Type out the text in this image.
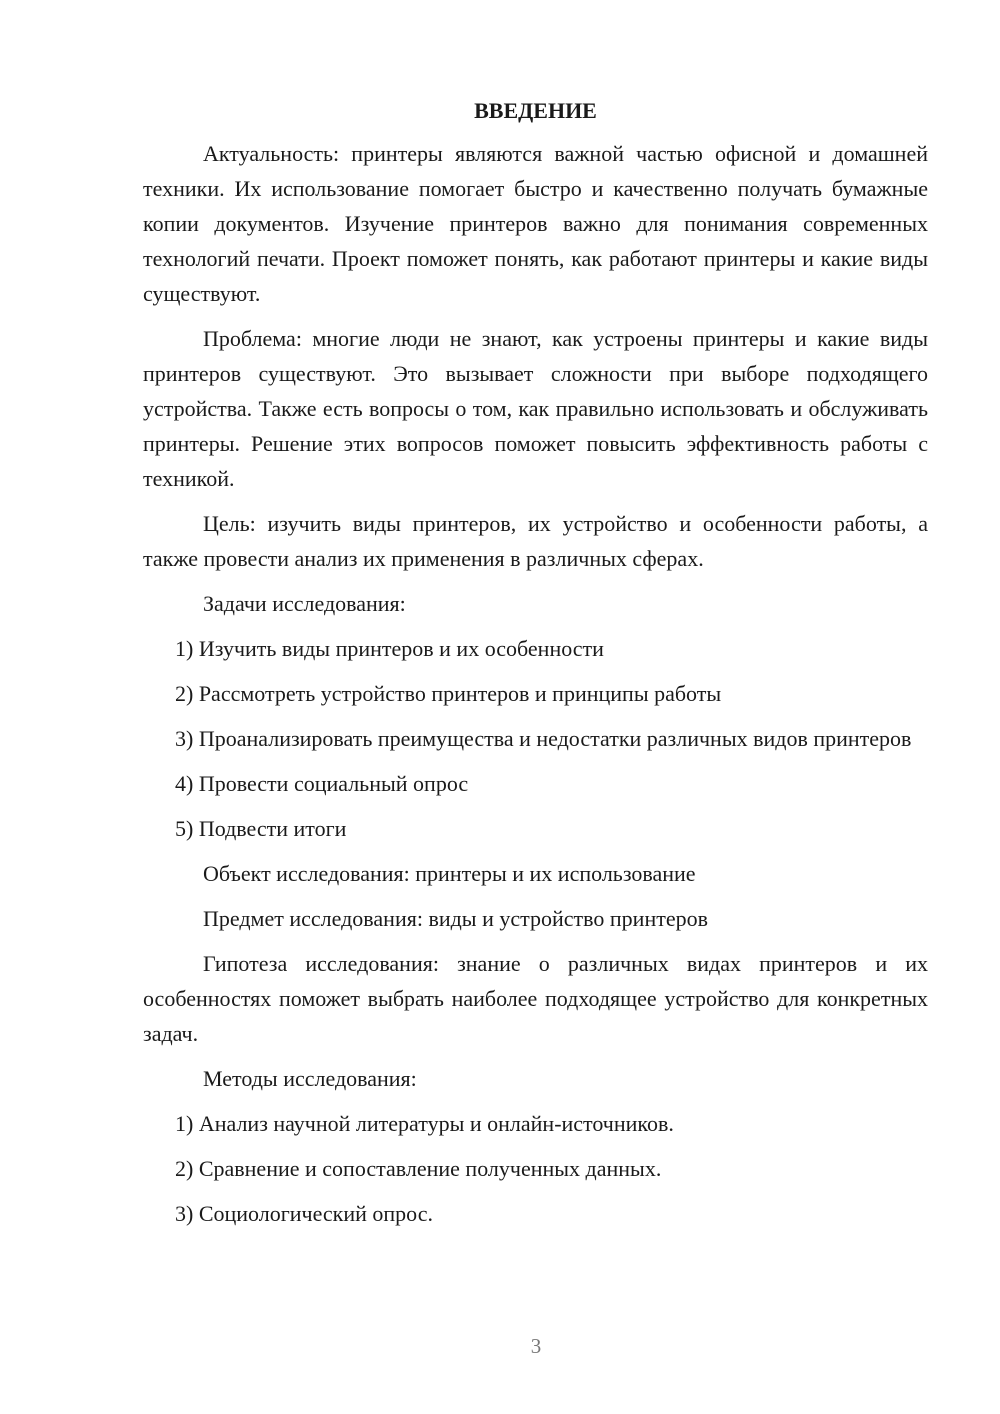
ВВЕДЕНИЕ

Актуальность: принтеры являются важной частью офисной и домашней техники. Их использование помогает быстро и качественно получать бумажные копии документов. Изучение принтеров важно для понимания современных технологий печати. Проект поможет понять, как работают принтеры и какие виды существуют.

Проблема: многие люди не знают, как устроены принтеры и какие виды принтеров существуют. Это вызывает сложности при выборе подходящего устройства. Также есть вопросы о том, как правильно использовать и обслуживать принтеры. Решение этих вопросов поможет повысить эффективность работы с техникой.

Цель: изучить виды принтеров, их устройство и особенности работы, а также провести анализ их применения в различных сферах.

Задачи исследования:

1) Изучить виды принтеров и их особенности

2) Рассмотреть устройство принтеров и принципы работы

3) Проанализировать преимущества и недостатки различных видов принтеров

4) Провести социальный опрос

5) Подвести итоги

Объект исследования: принтеры и их использование

Предмет исследования: виды и устройство принтеров

Гипотеза исследования: знание о различных видах принтеров и их особенностях поможет выбрать наиболее подходящее устройство для конкретных задач.

Методы исследования:

1) Анализ научной литературы и онлайн-источников.

2) Сравнение и сопоставление полученных данных.

3) Социологический опрос.

3
